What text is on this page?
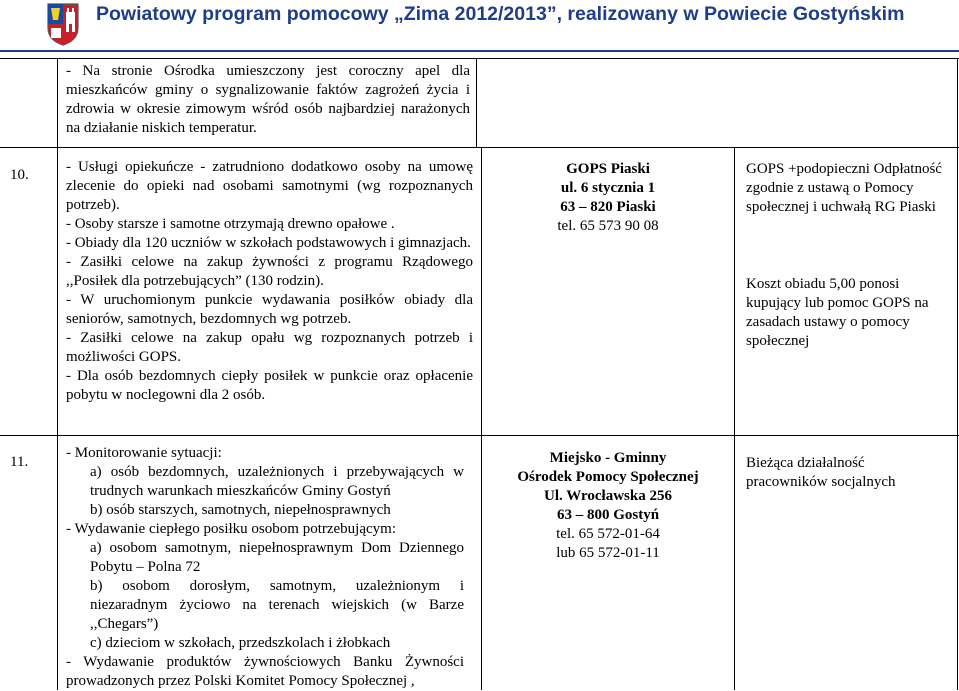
Powiatowy program pomocowy „Zima 2012/2013”, realizowany w Powiecie Gostyńskim

- Na stronie Ośrodka umieszczony jest coroczny apel dla mieszkańców gminy o sygnalizowanie faktów zagrożeń życia i zdrowia w okresie zimowym wśród osób najbardziej narażonych na działanie niskich temperatur.

10. - Usługi opiekuńcze - zatrudniono dodatkowo osoby na umowę zlecenie do opieki nad osobami samotnymi (wg rozpoznanych potrzeb).

- Osoby starsze i samotne otrzymają drewno opałowe .

- Obiady dla 120 uczniów w szkołach podstawowych i gimnazjach.

- Zasiłki celowe na zakup żywności z programu Rządowego ,,Posiłek dla potrzebujących” (130 rodzin).

- W uruchomionym punkcie wydawania posiłków obiady dla seniorów, samotnych, bezdomnych wg potrzeb.

- Zasiłki celowe na zakup opału wg rozpoznanych potrzeb i możliwości GOPS.

- Dla osób bezdomnych ciepły posiłek w punkcie oraz opłacenie pobytu w noclegowni dla 2 osób.

GOPS Piaski
ul. 6 stycznia 1
63 – 820 Piaski
tel. 65 573 90 08

GOPS +podopieczni Odpłatność zgodnie z ustawą o Pomocy społecznej i uchwałą RG Piaski

Koszt obiadu 5,00 ponosi kupujący lub pomoc GOPS na zasadach ustawy o pomocy społecznej

11.

- Monitorowanie sytuacji:

a) osób bezdomnych, uzależnionych i przebywających w trudnych warunkach mieszkańców Gminy Gostyń

b) osób starszych, samotnych, niepełnosprawnych

- Wydawanie ciepłego posiłku osobom potrzebującym:

a) osobom samotnym, niepełnosprawnym Dom Dziennego Pobytu – Polna 72

b) osobom dorosłym, samotnym, uzależnionym i niezaradnym życiowo na terenach wiejskich (w Barze ,,Chegars”)

c) dzieciom w szkołach, przedszkolach i żłobkach

- Wydawanie produktów żywnościowych Banku Żywności prowadzonych przez Polski Komitet Pomocy Społecznej ,

Miejsko - Gminny
Ośrodek Pomocy Społecznej
Ul. Wrocławska 256
63 – 800 Gostyń
tel. 65 572-01-64
lub 65 572-01-11

Bieżąca działalność pracowników socjalnych
